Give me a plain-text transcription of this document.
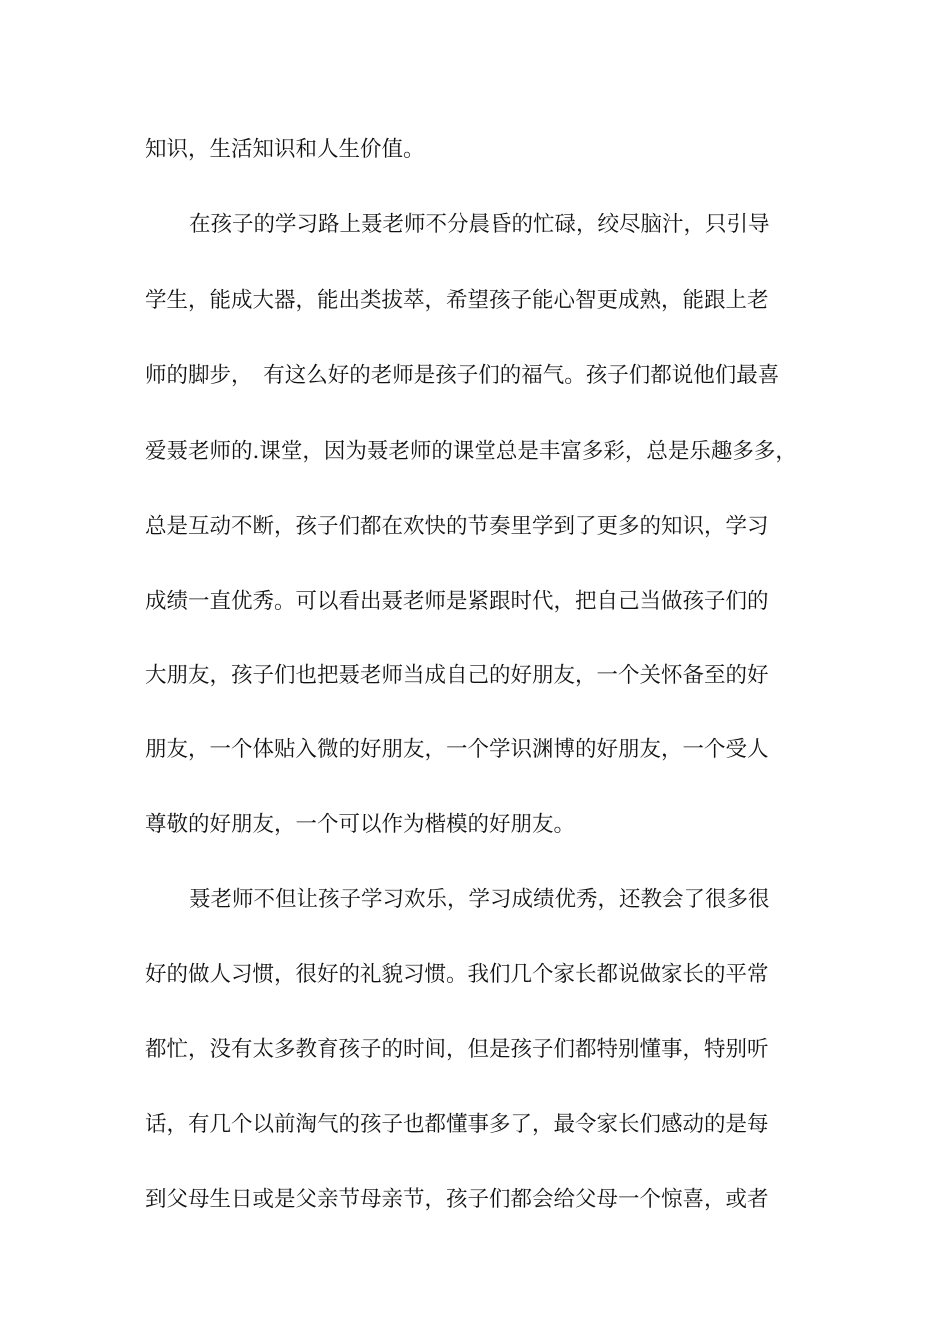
知识，生活知识和人生价值。
在孩子的学习路上聂老师不分晨昏的忙碌，绞尽脑汁，只引导
学生，能成大器，能出类拔萃，希望孩子能心智更成熟，能跟上老
师的脚步，　有这么好的老师是孩子们的福气。孩子们都说他们最喜
爱聂老师的.课堂，因为聂老师的课堂总是丰富多彩，总是乐趣多多，
总是互动不断，孩子们都在欢快的节奏里学到了更多的知识，学习
成绩一直优秀。可以看出聂老师是紧跟时代，把自己当做孩子们的
大朋友，孩子们也把聂老师当成自己的好朋友，一个关怀备至的好
朋友，一个体贴入微的好朋友，一个学识渊博的好朋友，一个受人
尊敬的好朋友，一个可以作为楷模的好朋友。
聂老师不但让孩子学习欢乐，学习成绩优秀，还教会了很多很
好的做人习惯，很好的礼貌习惯。我们几个家长都说做家长的平常
都忙，没有太多教育孩子的时间，但是孩子们都特别懂事，特别听
话，有几个以前淘气的孩子也都懂事多了，最令家长们感动的是每
到父母生日或是父亲节母亲节，孩子们都会给父母一个惊喜，或者
